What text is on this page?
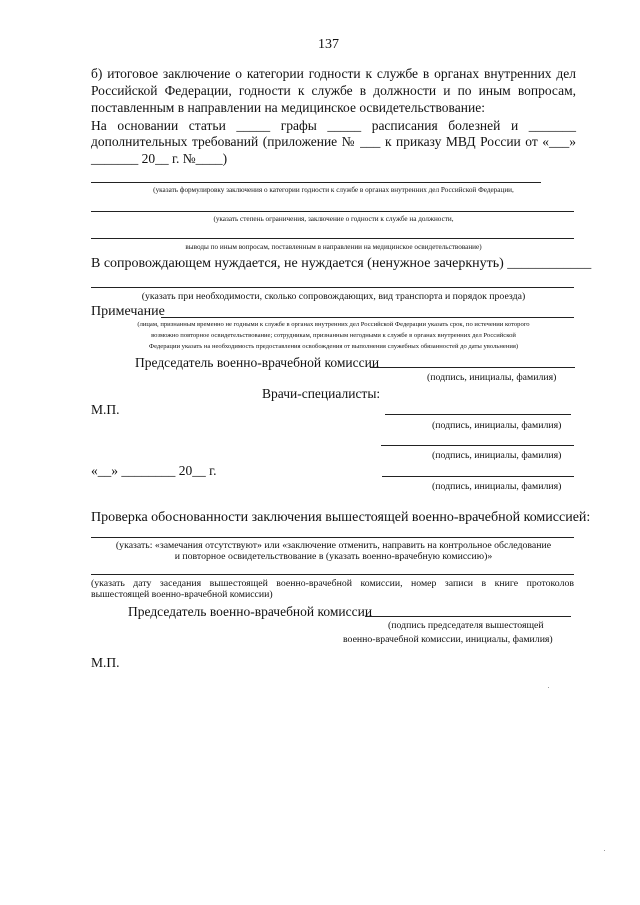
137
б) итоговое заключение о категории годности к службе в органах внутренних дел
Российской Федерации, годности к службе в должности и по иным вопросам,
поставленным в направлении на медицинское освидетельствование:
На основании статьи _____ графы _____ расписания болезней и _______
дополнительных требований (приложение № ___ к приказу МВД России от «___»
_______ 20__ г. №____)
(указать формулировку заключения о категории годности к службе в органах внутренних дел Российской Федерации,
(указать степень ограничения, заключение о годности к службе на должности,
выводы по иным вопросам, поставленным в направлении на медицинское освидетельствование)
В сопровождающем нуждается, не нуждается (ненужное зачеркнуть) ____________
(указать при необходимости, сколько сопровождающих, вид транспорта и порядок проезда)
Примечание
(лицам, признанным временно не годными к службе в органах внутренних дел Российской Федерации указать срок, по истечении которого
возможно повторное освидетельствование; сотрудникам, признанным негодными к службе в органах внутренних дел Российской
Федерации указать на необходимость предоставления освобождения от выполнения служебных обязанностей до даты увольнения)
Председатель военно-врачебной комиссии
(подпись, инициалы, фамилия)
Врачи-специалисты:
М.П.
(подпись, инициалы, фамилия)
(подпись, инициалы, фамилия)
«__» ________ 20__ г.
(подпись, инициалы, фамилия)
Проверка обоснованности заключения вышестоящей военно-врачебной комиссией:
(указать: «замечания отсутствуют» или «заключение отменить, направить на контрольное обследование
и повторное освидетельствование в (указать военно-врачебную комиссию)»
(указать дату заседания вышестоящей военно-врачебной комиссии, номер записи в книге протоколов
вышестоящей военно-врачебной комиссии)
Председатель военно-врачебной комиссии
(подпись председателя вышестоящей
военно-врачебной комиссии, инициалы, фамилия)
М.П.
